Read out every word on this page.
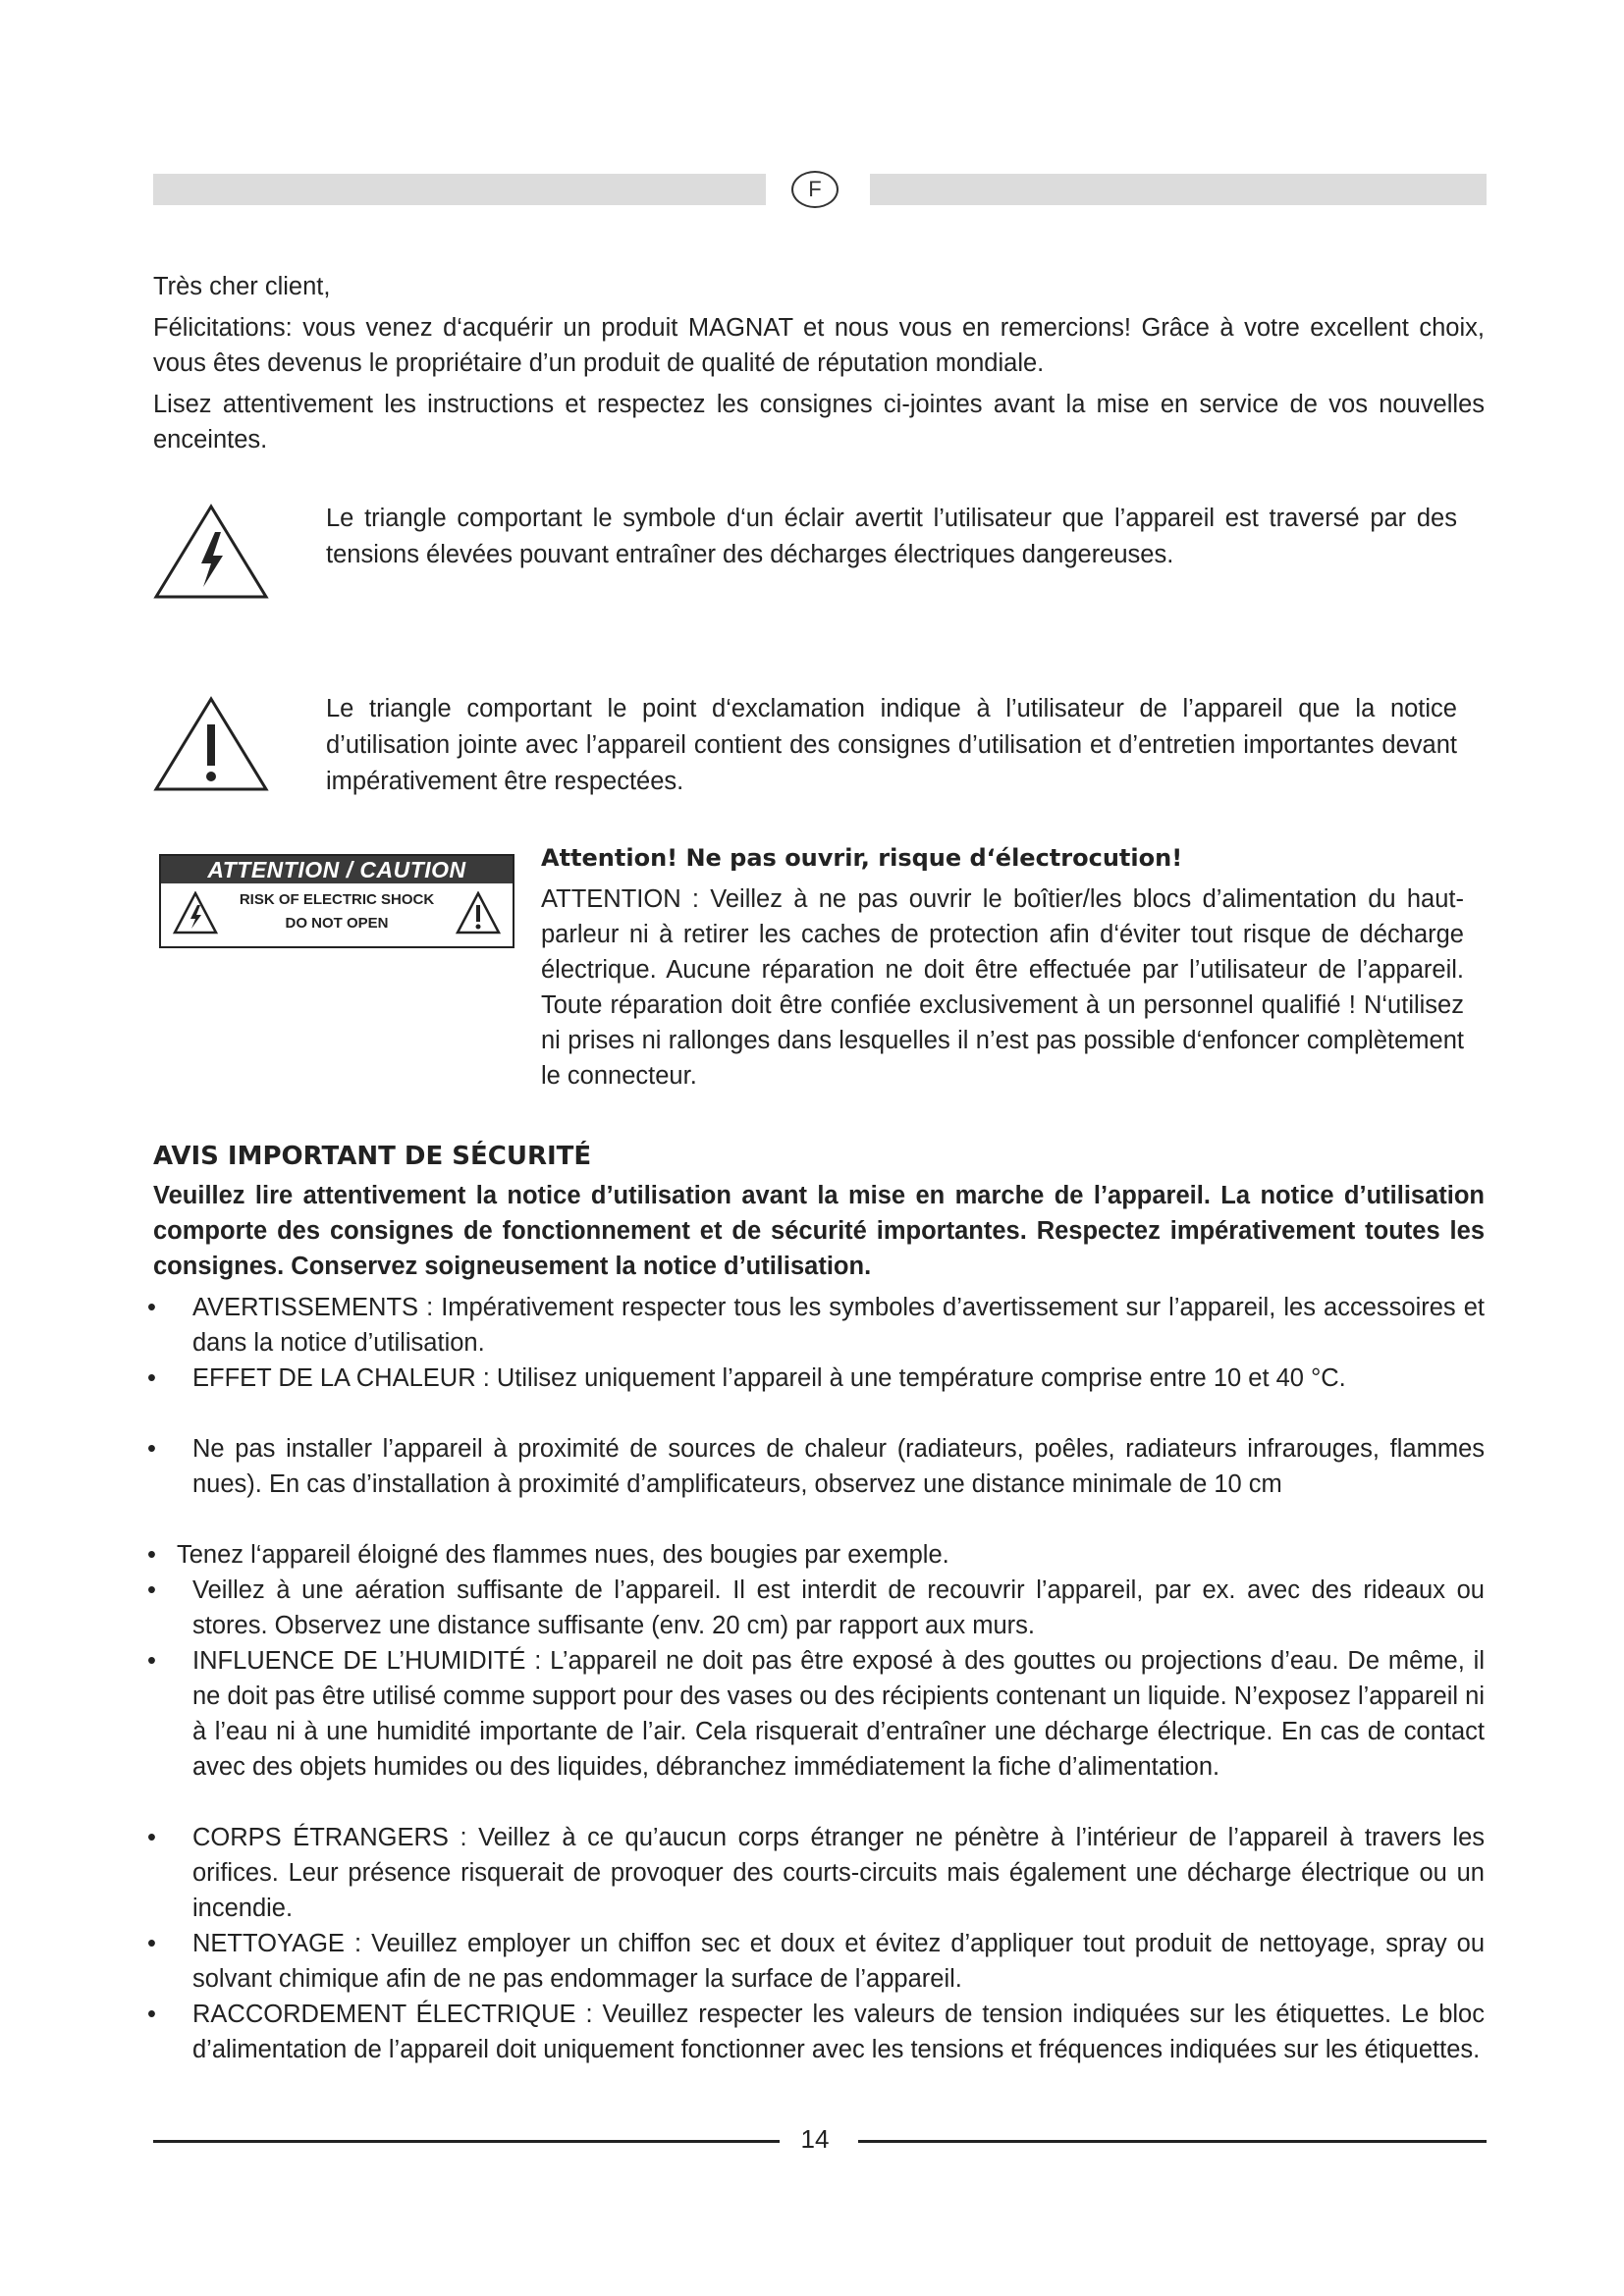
F

Très cher client,

Félicitations: vous venez d‘acquérir un produit MAGNAT et nous vous en remercions! Grâce à votre excellent choix, vous êtes devenus le propriétaire d’un produit de qualité de réputation mondiale.

Lisez attentivement les instructions et respectez les consignes ci-jointes avant la mise en service de vos nouvelles enceintes.

Le triangle comportant le symbole d‘un éclair avertit l’utilisateur que l’appareil est traversé par des tensions élevées pouvant entraîner des décharges électriques dangereuses.
Le triangle comportant le point d‘exclamation indique à l’utilisateur de l’appareil que la notice d’utilisation jointe avec l’appareil contient des consignes d’utilisation et d’entretien importantes devant impérativement être respectées.
ATTENTION / CAUTION
RISK OF ELECTRIC SHOCK
DO NOT OPEN
Attention! Ne pas ouvrir, risque d‘électrocution!
ATTENTION : Veillez à ne pas ouvrir le boîtier/les blocs d’alimentation du haut-parleur ni à retirer les caches de protection afin d‘éviter tout risque de décharge électrique. Aucune réparation ne doit être effectuée par l’utilisateur de l’appareil. Toute réparation doit être confiée exclusivement à un personnel qualifié ! N‘utilisez ni prises ni rallonges dans lesquelles il n’est pas possible d‘enfoncer complètement le connecteur.
AVIS IMPORTANT DE SÉCURITÉ
Veuillez lire attentivement la notice d’utilisation avant la mise en marche de l’appareil. La notice d’utilisation comporte des consignes de fonctionnement et de sécurité importantes. Respectez impérativement toutes les consignes. Conservez soigneusement la notice d’utilisation.
•	AVERTISSEMENTS : Impérativement respecter tous les symboles d’avertissement sur l’appareil, les accessoires et dans la notice d’utilisation.
•	EFFET DE LA CHALEUR : Utilisez uniquement l’appareil à une température comprise entre 10 et 40 °C.
•	Ne pas installer l’appareil à proximité de sources de chaleur (radiateurs, poêles, radiateurs infrarouges, flammes nues). En cas d’installation à proximité d’amplificateurs, observez une distance minimale de 10 cm
• Tenez l‘appareil éloigné des flammes nues, des bougies par exemple.
•	Veillez à une aération suffisante de l’appareil. Il est interdit de recouvrir l’appareil, par ex. avec des rideaux ou stores. Observez une distance suffisante (env. 20 cm) par rapport aux murs.
•	INFLUENCE DE L’HUMIDITÉ : L’appareil ne doit pas être exposé à des gouttes ou projections d’eau. De même, il ne doit pas être utilisé comme support pour des vases ou des récipients contenant un liquide. N’exposez l’appareil ni à l’eau ni à une humidité importante de l’air. Cela risquerait d’entraîner une décharge électrique. En cas de contact avec des objets humides ou des liquides, débranchez immédiatement la fiche d’alimentation.
•	CORPS ÉTRANGERS : Veillez à ce qu’aucun corps étranger ne pénètre à l’intérieur de l’appareil à travers les orifices. Leur présence risquerait de provoquer des courts-circuits mais également une décharge électrique ou un incendie.
•	NETTOYAGE : Veuillez employer un chiffon sec et doux et évitez d’appliquer tout produit de nettoyage, spray ou solvant chimique afin de ne pas endommager la surface de l’appareil.
•	RACCORDEMENT ÉLECTRIQUE : Veuillez respecter les valeurs de tension indiquées sur les étiquettes. Le bloc d’alimentation de l’appareil doit uniquement fonctionner avec les tensions et fréquences indiquées sur les étiquettes.
14
